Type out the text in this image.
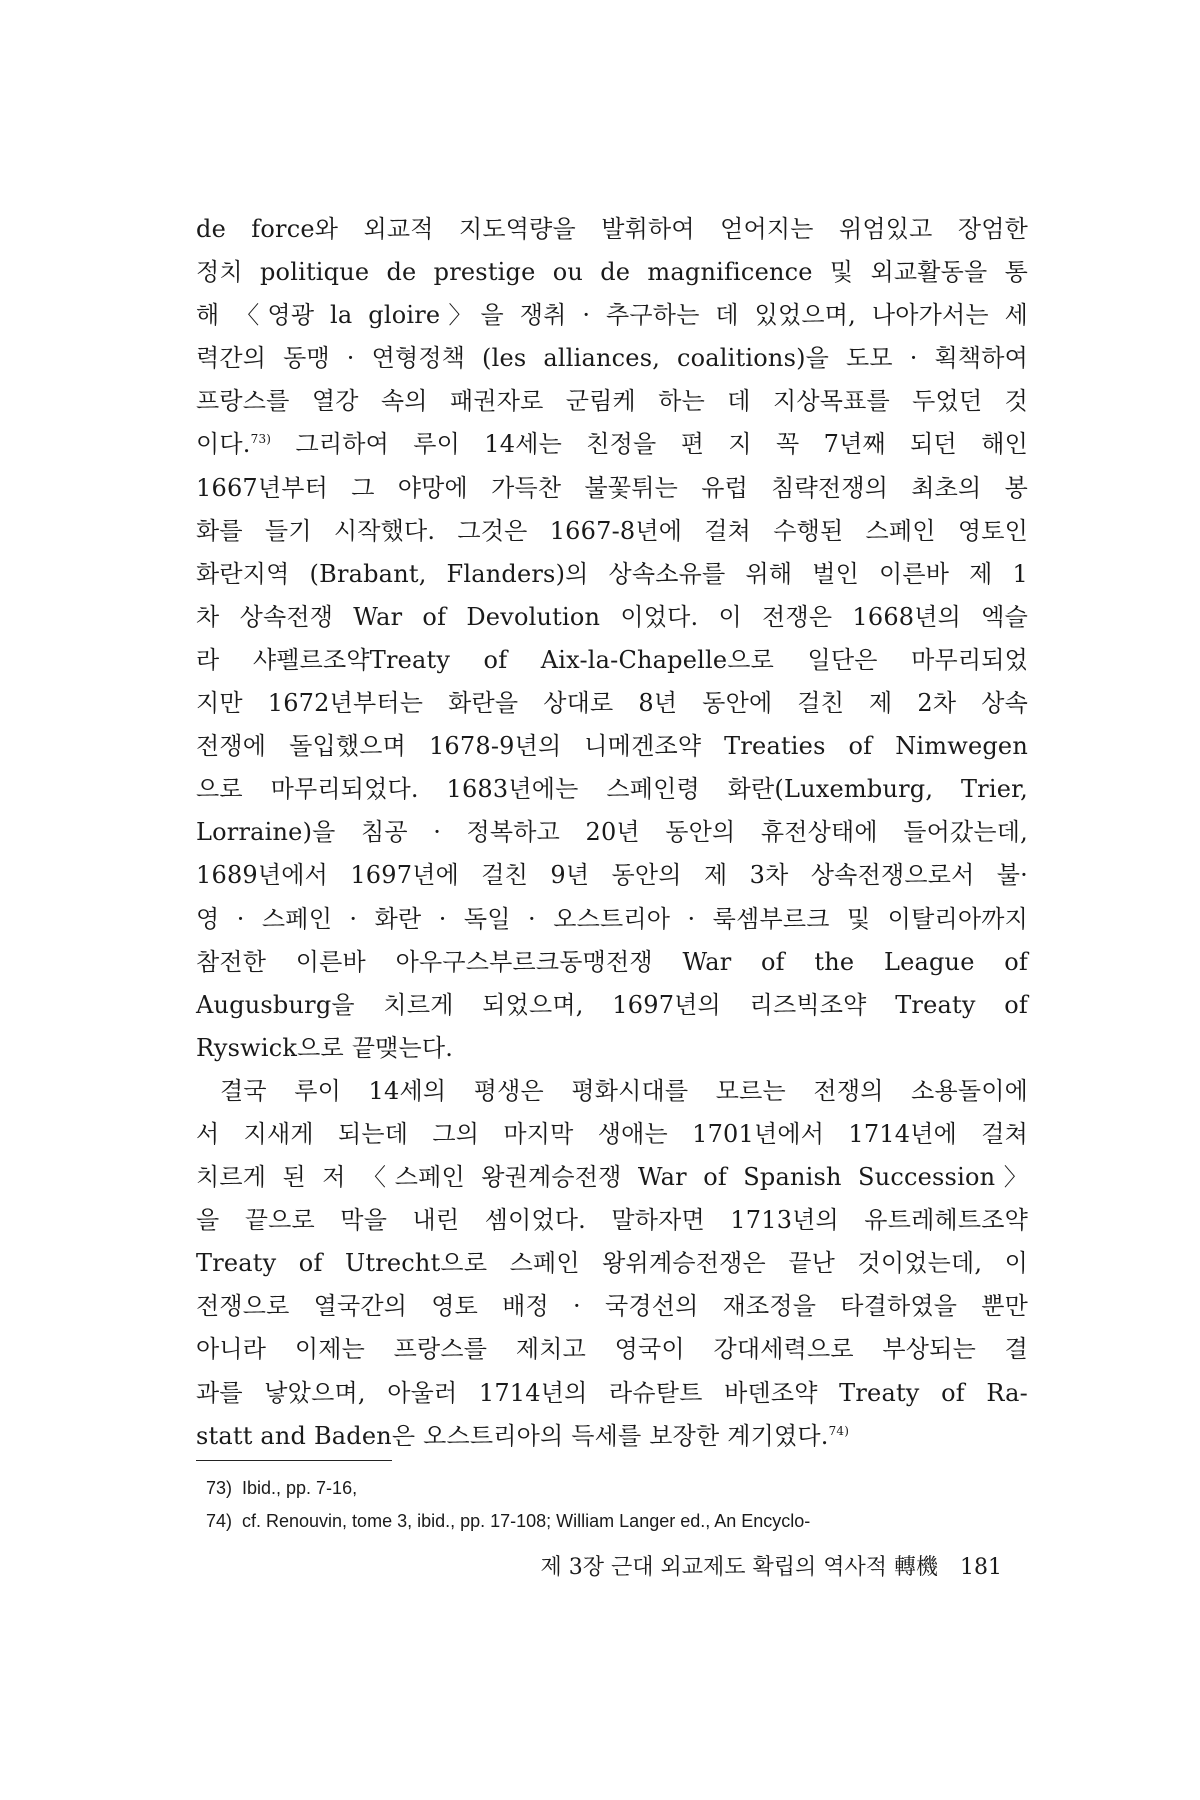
de force와 외교적 지도역량을 발휘하여 얻어지는 위엄있고 장엄한

정치 politique de prestige ou de magnificence 및 외교활동을 통

해 〈영광 la gloire〉을 쟁취 · 추구하는 데 있었으며, 나아가서는 세

력간의 동맹 · 연형정책 (les alliances, coalitions)을 도모 · 획책하여

프랑스를 열강 속의 패권자로 군림케 하는 데 지상목표를 두었던 것

이다.$^{73)}$ 그리하여 루이 14세는 친정을 편 지 꼭 7년째 되던 해인

1667년부터 그 야망에 가득찬 불꽃튀는 유럽 침략전쟁의 최초의 봉

화를 들기 시작했다. 그것은 1667-8년에 걸쳐 수행된 스페인 영토인

화란지역 (Brabant, Flanders)의 상속소유를 위해 벌인 이른바 제 1

차 상속전쟁 War of Devolution 이었다. 이 전쟁은 1668년의 엑슬

라 샤펠르조약Treaty of Aix-la-Chapelle으로 일단은 마무리되었

지만 1672년부터는 화란을 상대로 8년 동안에 걸친 제 2차 상속

전쟁에 돌입했으며 1678-9년의 니메겐조약 Treaties of Nimwegen

으로 마무리되었다. 1683년에는 스페인령 화란(Luxemburg, Trier,

Lorraine)을 침공 · 정복하고 20년 동안의 휴전상태에 들어갔는데,

1689년에서 1697년에 걸친 9년 동안의 제 3차 상속전쟁으로서 불·

영 · 스페인 · 화란 · 독일 · 오스트리아 · 룩셈부르크 및 이탈리아까지

참전한 이른바 아우구스부르크동맹전쟁 War of the League of

Augusburg을 치르게 되었으며, 1697년의 리즈빅조약 Treaty of

Ryswick으로 끝맺는다.

결국 루이 14세의 평생은 평화시대를 모르는 전쟁의 소용돌이에

서 지새게 되는데 그의 마지막 생애는 1701년에서 1714년에 걸쳐

치르게 된 저 〈스페인 왕권계승전쟁 War of Spanish Succession〉

을 끝으로 막을 내린 셈이었다. 말하자면 1713년의 유트레헤트조약

Treaty of Utrecht으로 스페인 왕위계승전쟁은 끝난 것이었는데, 이

전쟁으로 열국간의 영토 배정 · 국경선의 재조정을 타결하였을 뿐만

아니라 이제는 프랑스를 제치고 영국이 강대세력으로 부상되는 결

과를 낳았으며, 아울러 1714년의 라슈탇트 바덴조약 Treaty of Ra-

statt and Baden은 오스트리아의 득세를 보장한 계기였다.$^{74)}$

73) Ibid., pp. 7-16,
74) cf. Renouvin, tome 3, ibid., pp. 17-108; William Langer ed., An Encyclo-
제 3장 근대 외교제도 확립의 역사적 轉機 181
